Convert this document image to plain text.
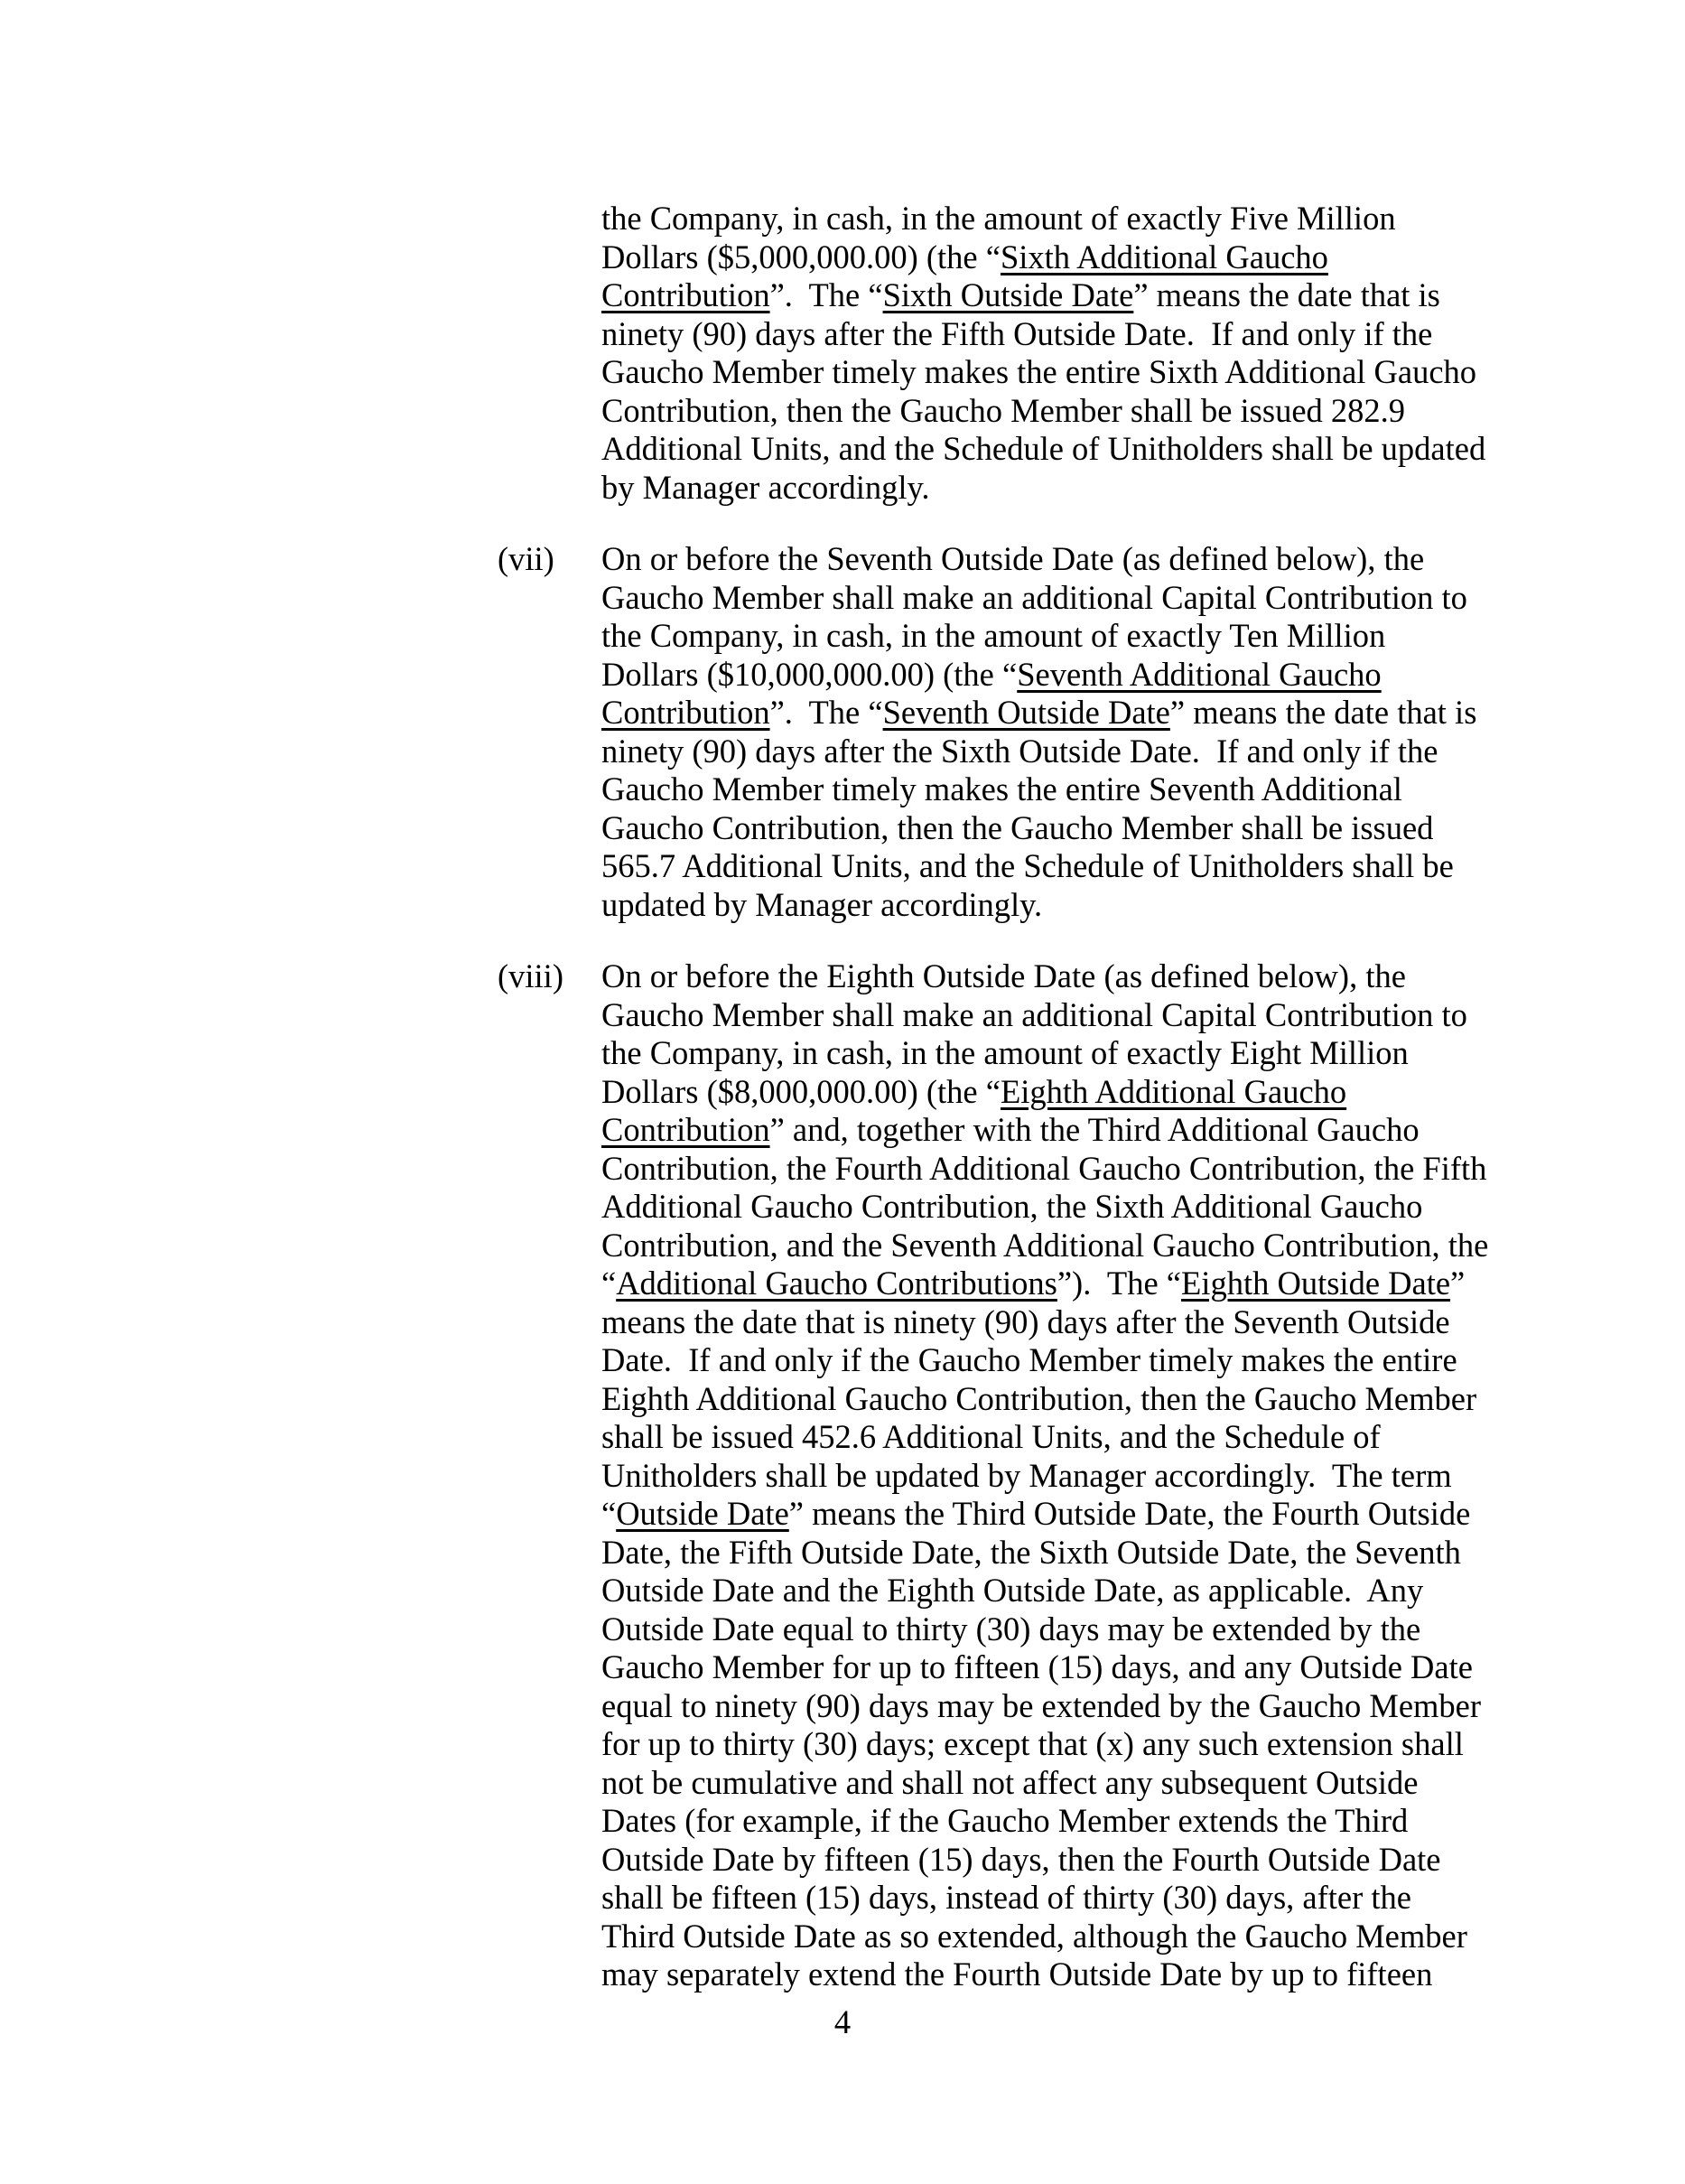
the Company, in cash, in the amount of exactly Five Million
Dollars ($5,000,000.00) (the “Sixth Additional Gaucho
Contribution”.  The “Sixth Outside Date” means the date that is
ninety (90) days after the Fifth Outside Date.  If and only if the
Gaucho Member timely makes the entire Sixth Additional Gaucho
Contribution, then the Gaucho Member shall be issued 282.9
Additional Units, and the Schedule of Unitholders shall be updated
by Manager accordingly.
(vii) On or before the Seventh Outside Date (as defined below), the
Gaucho Member shall make an additional Capital Contribution to
the Company, in cash, in the amount of exactly Ten Million
Dollars ($10,000,000.00) (the “Seventh Additional Gaucho
Contribution”.  The “Seventh Outside Date” means the date that is
ninety (90) days after the Sixth Outside Date.  If and only if the
Gaucho Member timely makes the entire Seventh Additional
Gaucho Contribution, then the Gaucho Member shall be issued
565.7 Additional Units, and the Schedule of Unitholders shall be
updated by Manager accordingly.
(viii) On or before the Eighth Outside Date (as defined below), the
Gaucho Member shall make an additional Capital Contribution to
the Company, in cash, in the amount of exactly Eight Million
Dollars ($8,000,000.00) (the “Eighth Additional Gaucho
Contribution” and, together with the Third Additional Gaucho
Contribution, the Fourth Additional Gaucho Contribution, the Fifth
Additional Gaucho Contribution, the Sixth Additional Gaucho
Contribution, and the Seventh Additional Gaucho Contribution, the
“Additional Gaucho Contributions”).  The “Eighth Outside Date”
means the date that is ninety (90) days after the Seventh Outside
Date.  If and only if the Gaucho Member timely makes the entire
Eighth Additional Gaucho Contribution, then the Gaucho Member
shall be issued 452.6 Additional Units, and the Schedule of
Unitholders shall be updated by Manager accordingly.  The term
“Outside Date” means the Third Outside Date, the Fourth Outside
Date, the Fifth Outside Date, the Sixth Outside Date, the Seventh
Outside Date and the Eighth Outside Date, as applicable.  Any
Outside Date equal to thirty (30) days may be extended by the
Gaucho Member for up to fifteen (15) days, and any Outside Date
equal to ninety (90) days may be extended by the Gaucho Member
for up to thirty (30) days; except that (x) any such extension shall
not be cumulative and shall not affect any subsequent Outside
Dates (for example, if the Gaucho Member extends the Third
Outside Date by fifteen (15) days, then the Fourth Outside Date
shall be fifteen (15) days, instead of thirty (30) days, after the
Third Outside Date as so extended, although the Gaucho Member
may separately extend the Fourth Outside Date by up to fifteen
4
